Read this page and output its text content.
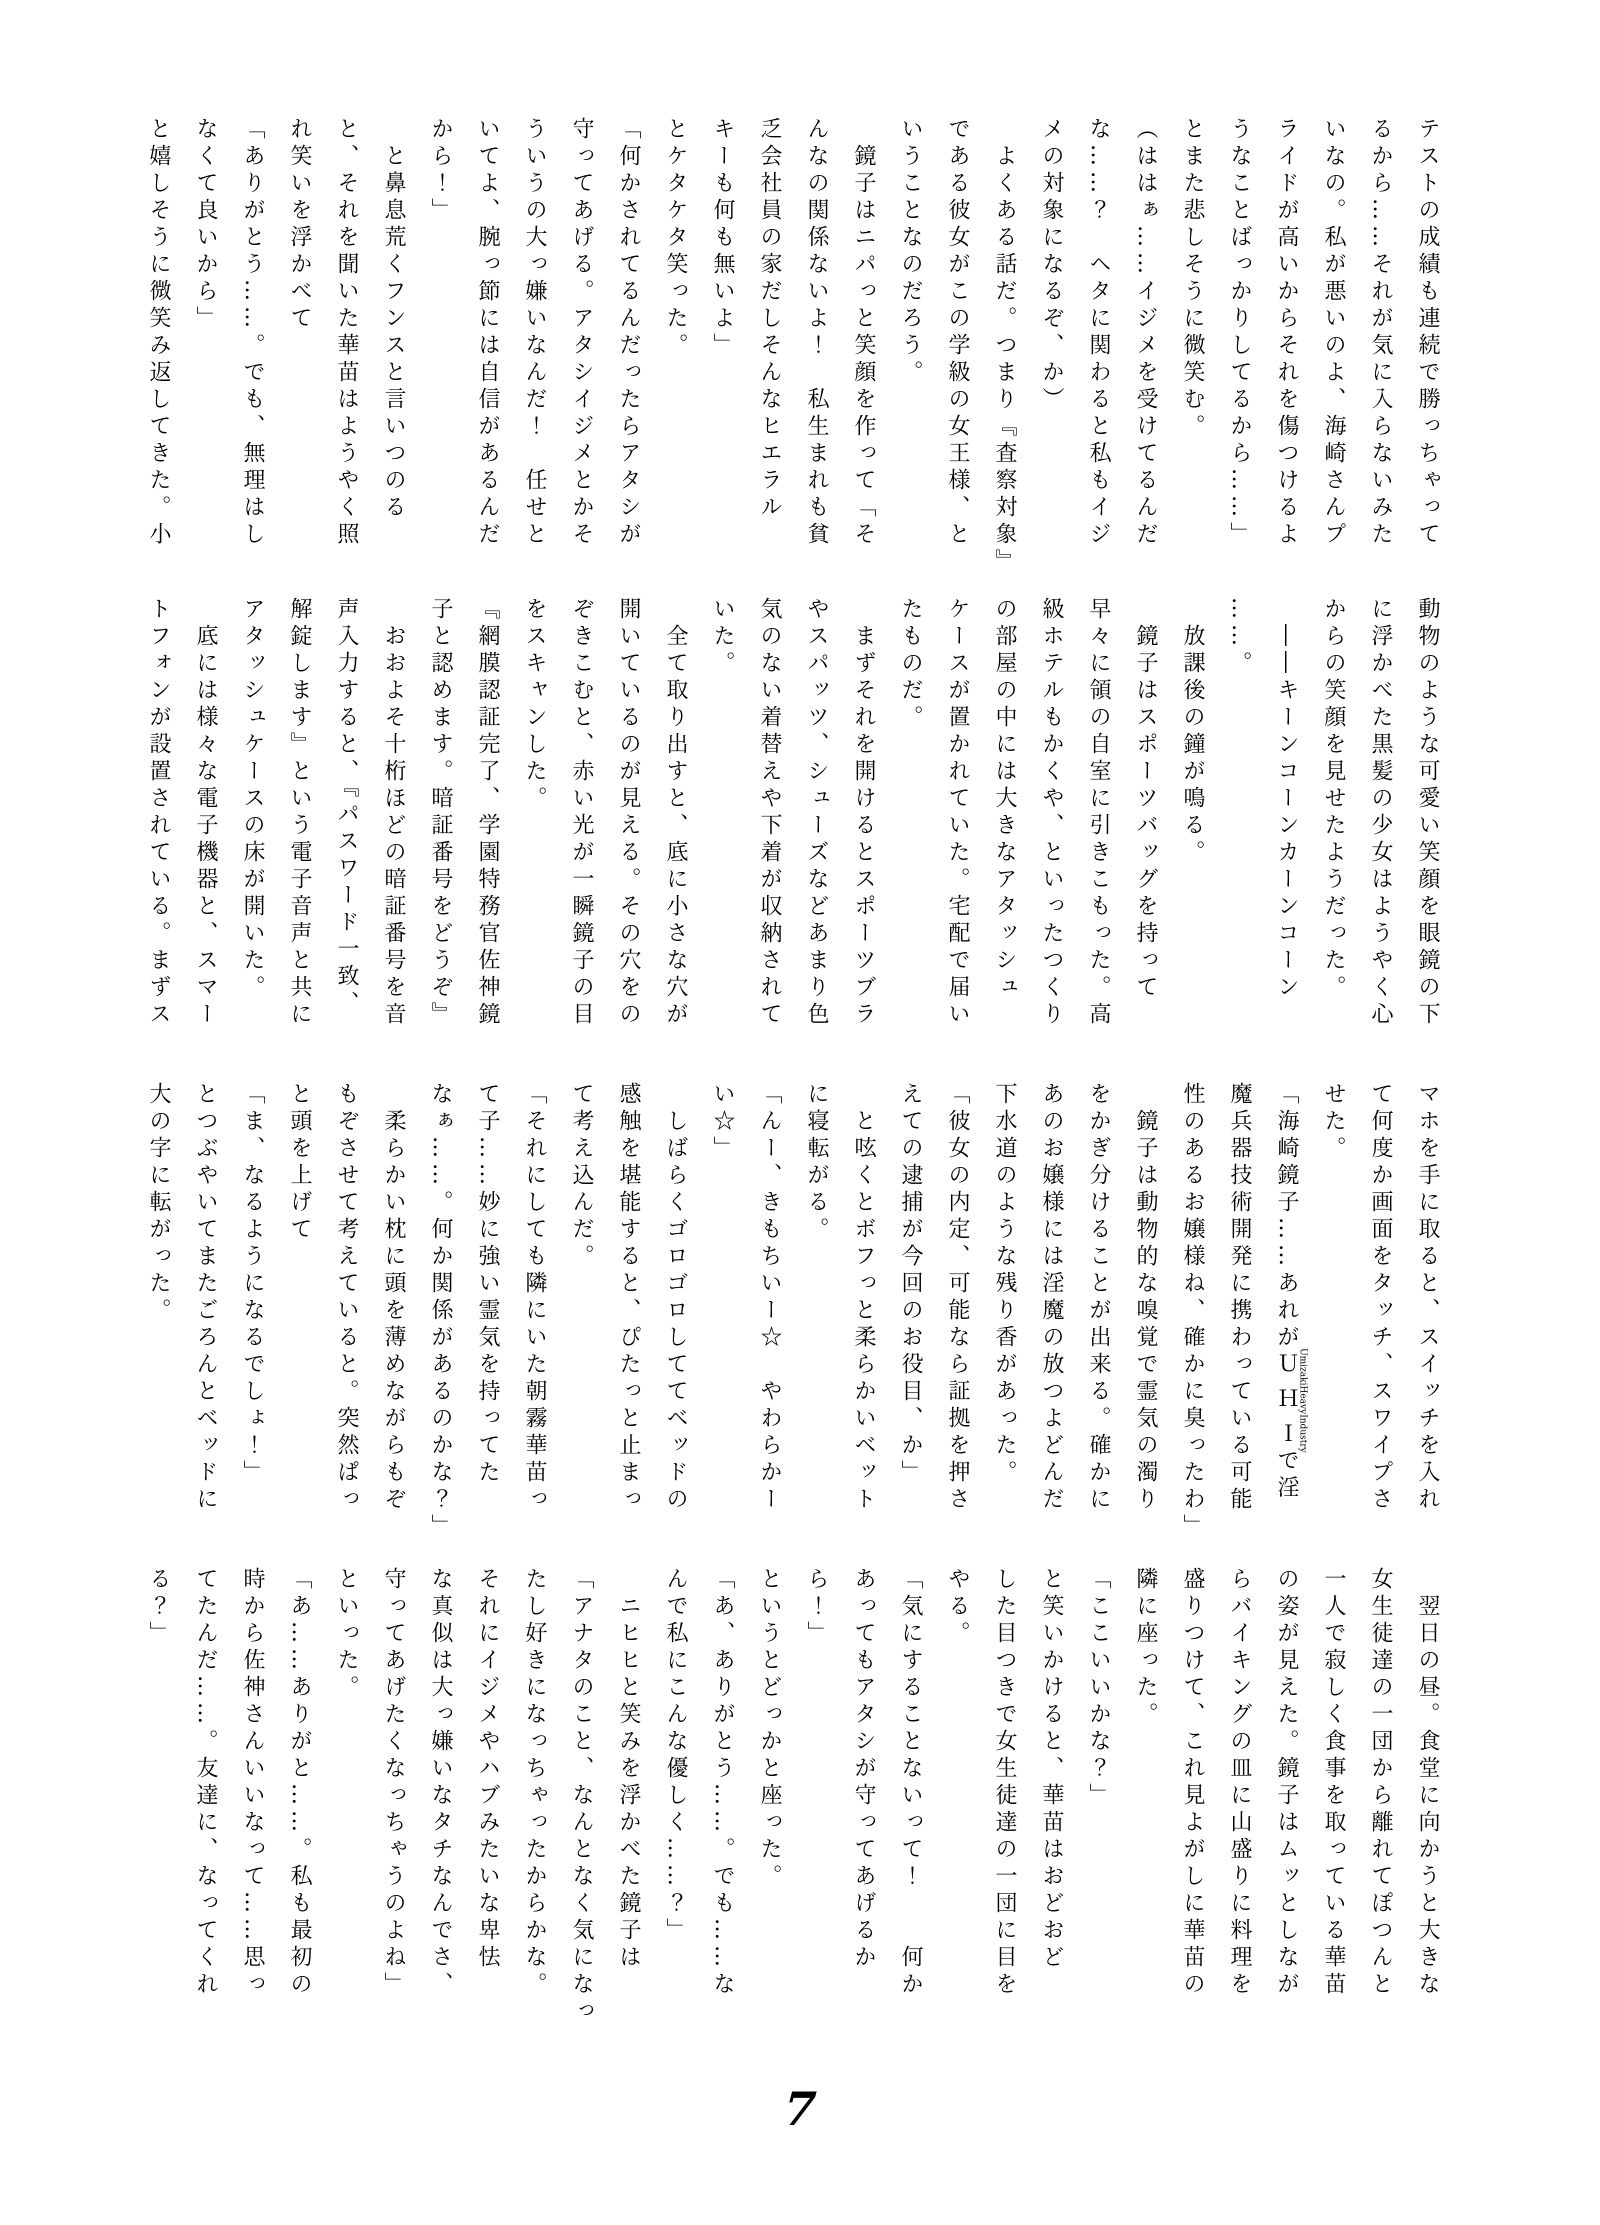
テストの成績も連続で勝っちゃって
るから……それが気に入らないみた
いなの。私が悪いのよ、海崎さんプ
ライドが高いからそれを傷つけるよ
うなことばっかりしてるから……」
とまた悲しそうに微笑む。
（ははぁ……イジメを受けてるんだ
な……？　ヘタに関わると私もイジ
メの対象になるぞ、か）
　よくある話だ。つまり『査察対象』
である彼女がこの学級の女王様、と
いうことなのだろう。
　鏡子はニパっと笑顔を作って「そ
んなの関係ないよ！　私生まれも貧
乏会社員の家だしそんなヒエラル
キーも何も無いよ」
とケタケタ笑った。
「何かされてるんだったらアタシが
守ってあげる。アタシイジメとかそ
ういうの大っ嫌いなんだ！　任せと
いてよ、腕っ節には自信があるんだ
から！」
　と鼻息荒くフンスと言いつのる
と、それを聞いた華苗はようやく照
れ笑いを浮かべて
「ありがとう……。でも、無理はし
なくて良いから」
と嬉しそうに微笑み返してきた。小
動物のような可愛い笑顔を眼鏡の下
に浮かべた黒髪の少女はようやく心
からの笑顔を見せたようだった。
　――キーンコーンカーンコーン
……。
　放課後の鐘が鳴る。
　鏡子はスポーツバッグを持って
早々に領の自室に引きこもった。高
級ホテルもかくや、といったつくり
の部屋の中には大きなアタッシュ
ケースが置かれていた。宅配で届い
たものだ。
　まずそれを開けるとスポーツブラ
やスパッツ、シューズなどあまり色
気のない着替えや下着が収納されて
いた。
　全て取り出すと、底に小さな穴が
開いているのが見える。その穴をの
ぞきこむと、赤い光が一瞬鏡子の目
をスキャンした。
『網膜認証完了、学園特務官佐神鏡
子と認めます。暗証番号をどうぞ』
　おおよそ十桁ほどの暗証番号を音
声入力すると、『パスワード一致、
解錠します』という電子音声と共に
アタッシュケースの床が開いた。
　底には様々な電子機器と、スマー
トフォンが設置されている。まずス
マホを手に取ると、スイッチを入れ
て何度か画面をタッチ、スワイプさ
せた。
「海崎鏡子……あれがＵＨＩUmizakiHeavyIndustryで淫
魔兵器技術開発に携わっている可能
性のあるお嬢様ね、確かに臭ったわ」
　鏡子は動物的な嗅覚で霊気の濁り
をかぎ分けることが出来る。確かに
あのお嬢様には淫魔の放つよどんだ
下水道のような残り香があった。
「彼女の内定、可能なら証拠を押さ
えての逮捕が今回のお役目、か」
　と呟くとボフっと柔らかいベット
に寝転がる。
「んー、きもちいー☆　やわらかー
い☆」
　しばらくゴロゴロしててベッドの
感触を堪能すると、ぴたっと止まっ
て考え込んだ。
「それにしても隣にいた朝霧華苗っ
て子……妙に強い霊気を持ってた
なぁ……。何か関係があるのかな？」
　柔らかい枕に頭を薄めながらもぞ
もぞさせて考えていると。突然ぱっ
と頭を上げて
「ま、なるようになるでしょ！」
とつぶやいてまたごろんとベッドに
大の字に転がった。
　翌日の昼。食堂に向かうと大きな
女生徒達の一団から離れてぽつんと
一人で寂しく食事を取っている華苗
の姿が見えた。鏡子はムッとしなが
らバイキングの皿に山盛りに料理を
盛りつけて、これ見よがしに華苗の
隣に座った。
「ここいいかな？」
と笑いかけると、華苗はおどおど
した目つきで女生徒達の一団に目を
やる。
「気にすることないって！　　何か
あってもアタシが守ってあげるか
ら！」
というとどっかと座った。
「あ、ありがとう……。でも……な
んで私にこんな優しく……？」
　ニヒヒと笑みを浮かべた鏡子は
「アナタのこと、なんとなく気になっ
たし好きになっちゃったからかな。
それにイジメやハブみたいな卑怯
な真似は大っ嫌いなタチなんでさ、
守ってあげたくなっちゃうのよね」
といった。
「あ……ありがと……。私も最初の
時から佐神さんいいなって……思っ
てたんだ……。友達に、なってくれ
る？」
7
